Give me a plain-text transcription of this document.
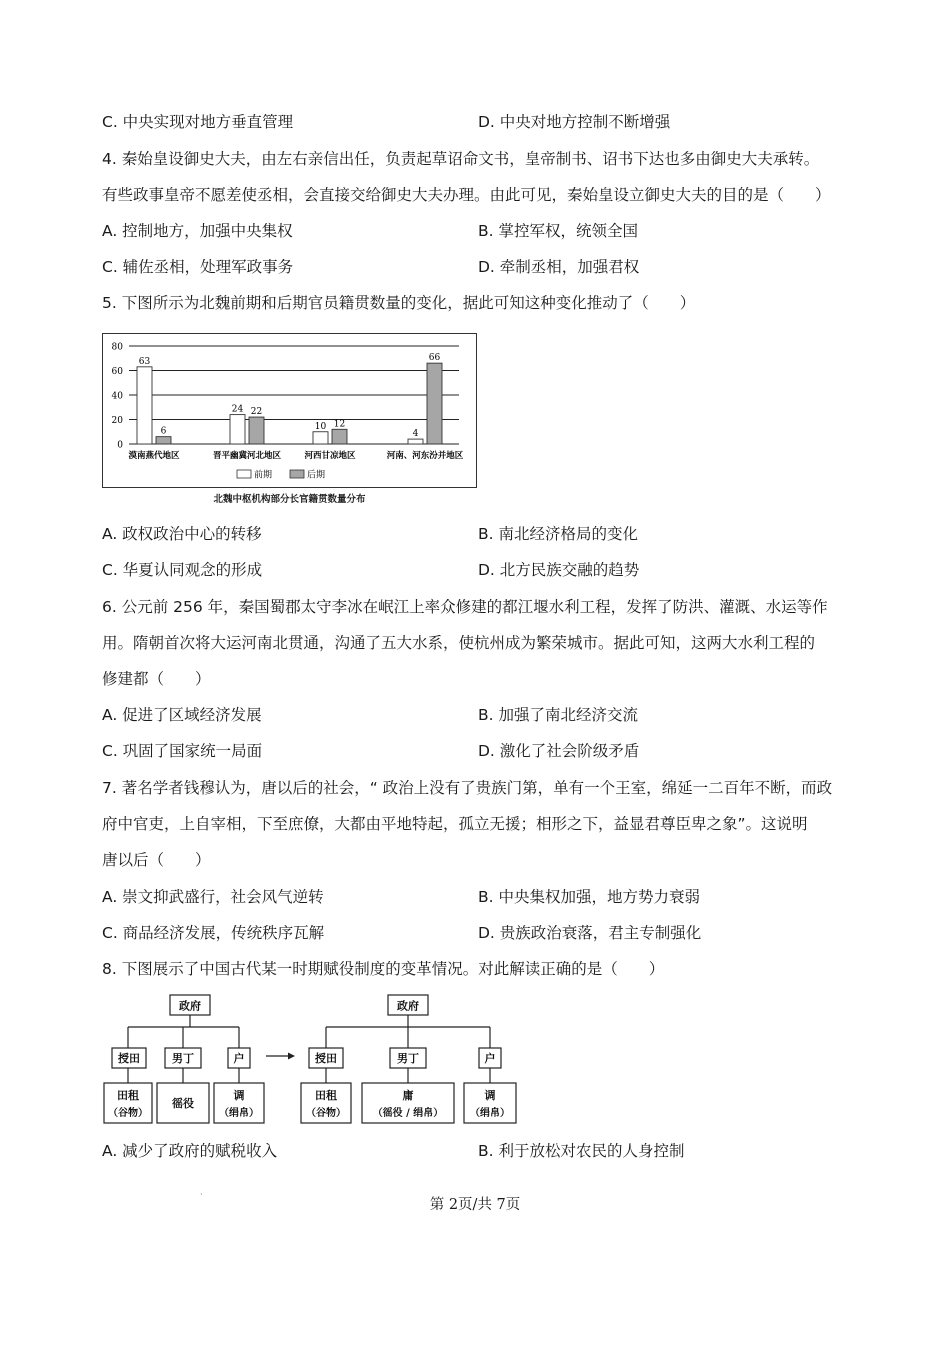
C. 中央实现对地方垂直管理	D. 中央对地方控制不断增强
4. 秦始皇设御史大夫，由左右亲信出任，负责起草诏命文书，皇帝制书、诏书下达也多由御史大夫承转。
有些政事皇帝不愿差使丞相，会直接交给御史大夫办理。由此可见，秦始皇设立御史大夫的目的是（　　）
A. 控制地方，加强中央集权	B. 掌控军权，统领全国
C. 辅佐丞相，处理军政事务	D. 牵制丞相，加强君权
5. 下图所示为北魏前期和后期官员籍贯数量的变化，据此可知这种变化推动了（　　）
0
20
40
60
80
63
6
漠南燕代地区
24 22
晋平幽冀河北地区
10 12
河西甘凉地区
4
66
河南、河东汾并地区
前期	后期
北魏中枢机构部分长官籍贯数量分布
A. 政权政治中心的转移	B. 南北经济格局的变化
C. 华夏认同观念的形成	D. 北方民族交融的趋势
6. 公元前 256 年，秦国蜀郡太守李冰在岷江上率众修建的都江堰水利工程，发挥了防洪、灌溉、水运等作
用。隋朝首次将大运河南北贯通，沟通了五大水系，使杭州成为繁荣城市。据此可知，这两大水利工程的
修建都（　　）
A. 促进了区域经济发展	B. 加强了南北经济交流
C. 巩固了国家统一局面	D. 激化了社会阶级矛盾
7. 著名学者钱穆认为，唐以后的社会，“ 政治上没有了贵族门第，单有一个王室，绵延一二百年不断，而政
府中官吏，上自宰相，下至庶僚，大都由平地特起，孤立无援；相形之下，益显君尊臣卑之象”。这说明
唐以后（　　）
A. 崇文抑武盛行，社会风气逆转	B. 中央集权加强，地方势力衰弱
C. 商品经济发展，传统秩序瓦解	D. 贵族政治衰落，君主专制强化
8. 下图展示了中国古代某一时期赋役制度的变革情况。对此解读正确的是（　　）
政府
授田	男丁	户
田租
（谷物）
徭役
调
（绢帛）
政府
授田	男丁	户
田租
（谷物）
庸
（徭役 / 绢帛）
调
（绢帛）
A. 减少了政府的赋税收入	B. 利于放松对农民的人身控制
·
第 2页/共 7页
